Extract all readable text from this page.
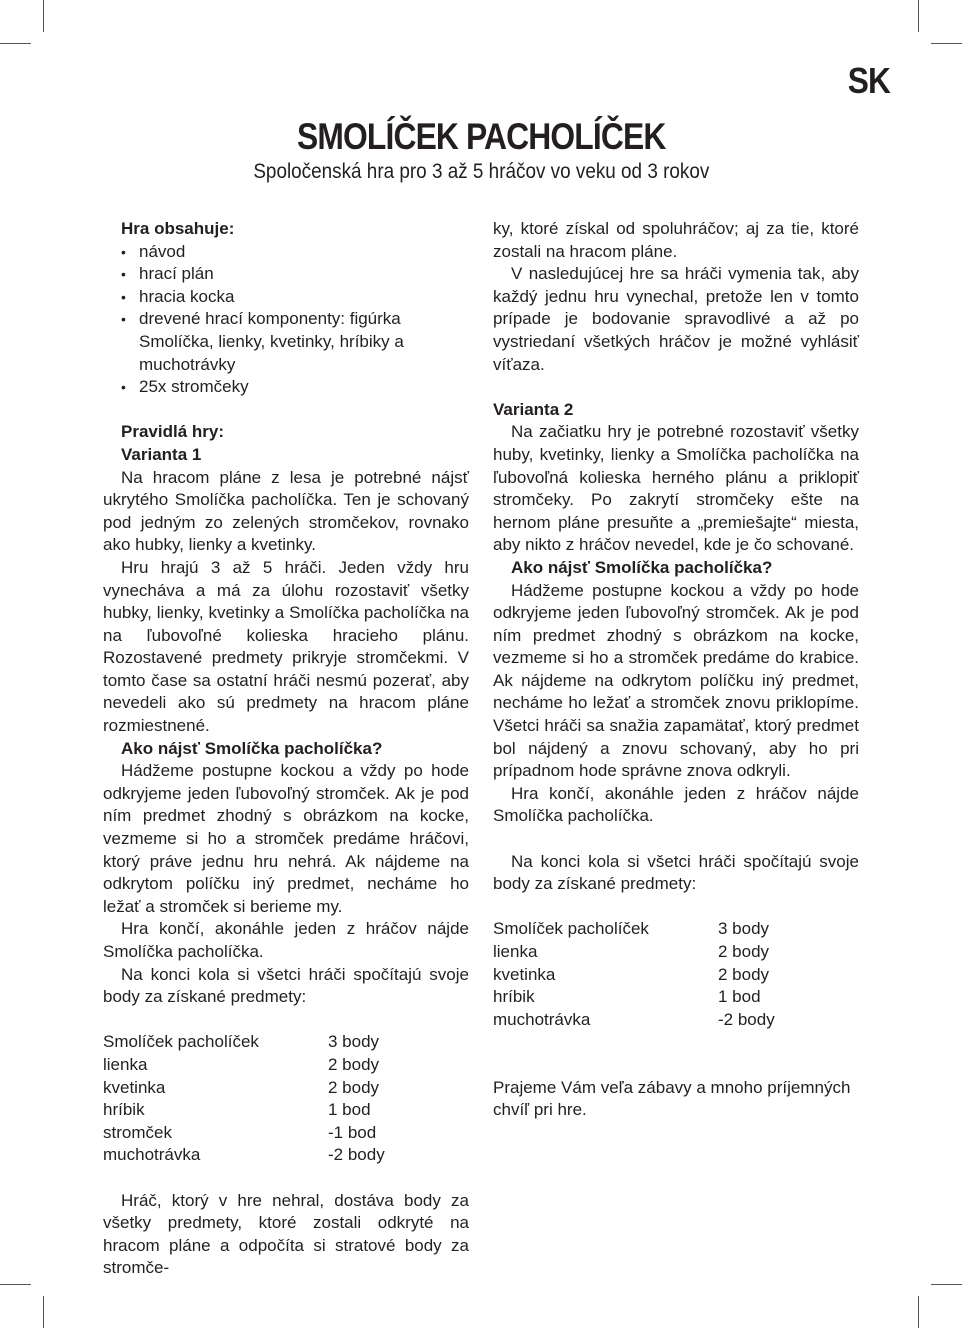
SK
SMOLÍČEK PACHOLÍČEK
Spoločenská hra pro 3 až 5 hráčov vo veku od 3 rokov
Hra obsahuje:
• návod
• hrací plán
• hracia kocka
• drevené hrací komponenty: figúrka Smolíčka, lienky, kvetinky, hríbiky a muchotrávky
• 25x stromčeky
Pravidlá hry:
Varianta 1

Na hracom pláne z lesa je potrebné nájsť ukrytého Smolíčka pacholíčka. Ten je schovaný pod jedným zo zelených stromčekov, rovnako ako hubky, lienky a kvetinky.

Hru hrajú 3 až 5 hráči. Jeden vždy hru vynecháva a má za úlohu rozostaviť všetky hubky, lienky, kvetinky a Smolíčka pacholíčka na na ľubovoľné kolieska hracieho plánu. Rozostavené predmety prikryje stromčekmi. V tomto čase sa ostatní hráči nesmú pozerať, aby nevedeli ako sú predmety na hracom pláne rozmiestnené.

Ako nájsť Smolíčka pacholíčka?

Hádžeme postupne kockou a vždy po hode odkryjeme jeden ľubovoľný stromček. Ak je pod ním predmet zhodný s obrázkom na kocke, vezmeme si ho a stromček predáme hráčovi, ktorý práve jednu hru nehrá. Ak nájdeme na odkrytom políčku iný predmet, necháme ho ležať a stromček si berieme my.

Hra končí, akonáhle jeden z hráčov nájde Smolíčka pacholíčka.

Na konci kola si všetci hráči spočítajú svoje body za získané predmety:

Smolíček pacholíček	3 body
lienka	2 body
kvetinka	2 body
hríbik	1 bod
stromček	-1 bod
muchotrávka	-2 body

Hráč, ktorý v hre nehral, dostáva body za všetky predmety, ktoré zostali odkryté na hracom pláne a odpočíta si stratové body za stromče-

ky, ktoré získal od spoluhráčov; aj za tie, ktoré zostali na hracom pláne.

V nasledujúcej hre sa hráči vymenia tak, aby každý jednu hru vynechal, pretože len v tomto prípade je bodovanie spravodlivé a až po vystriedaní všetkých hráčov je možné vyhlásiť víťaza.

Varianta 2

Na začiatku hry je potrebné rozostaviť všetky huby, kvetinky, lienky a Smolíčka pacholíčka na ľubovoľná kolieska herného plánu a priklopiť stromčeky. Po zakrytí stromčeky ešte na hernom pláne presuňte a „premiešajte“ miesta, aby nikto z hráčov nevedel, kde je čo schované.

Ako nájsť Smolíčka pacholíčka?

Hádžeme postupne kockou a vždy po hode odkryjeme jeden ľubovoľný stromček. Ak je pod ním predmet zhodný s obrázkom na kocke, vezmeme si ho a stromček predáme do krabice. Ak nájdeme na odkrytom políčku iný predmet, necháme ho ležať a stromček znovu priklopíme. Všetci hráči sa snažia zapamätať, ktorý predmet bol nájdený a znovu schovaný, aby ho pri prípadnom hode správne znova odkryli.

Hra končí, akonáhle jeden z hráčov nájde Smolíčka pacholíčka.

Na konci kola si všetci hráči spočítajú svoje body za získané predmety:

Smolíček pacholíček	3 body
lienka	2 body
kvetinka	2 body
hríbik	1 bod
muchotrávka	-2 body

Prajeme Vám veľa zábavy a mnoho príjemných chvíľ pri hre.
